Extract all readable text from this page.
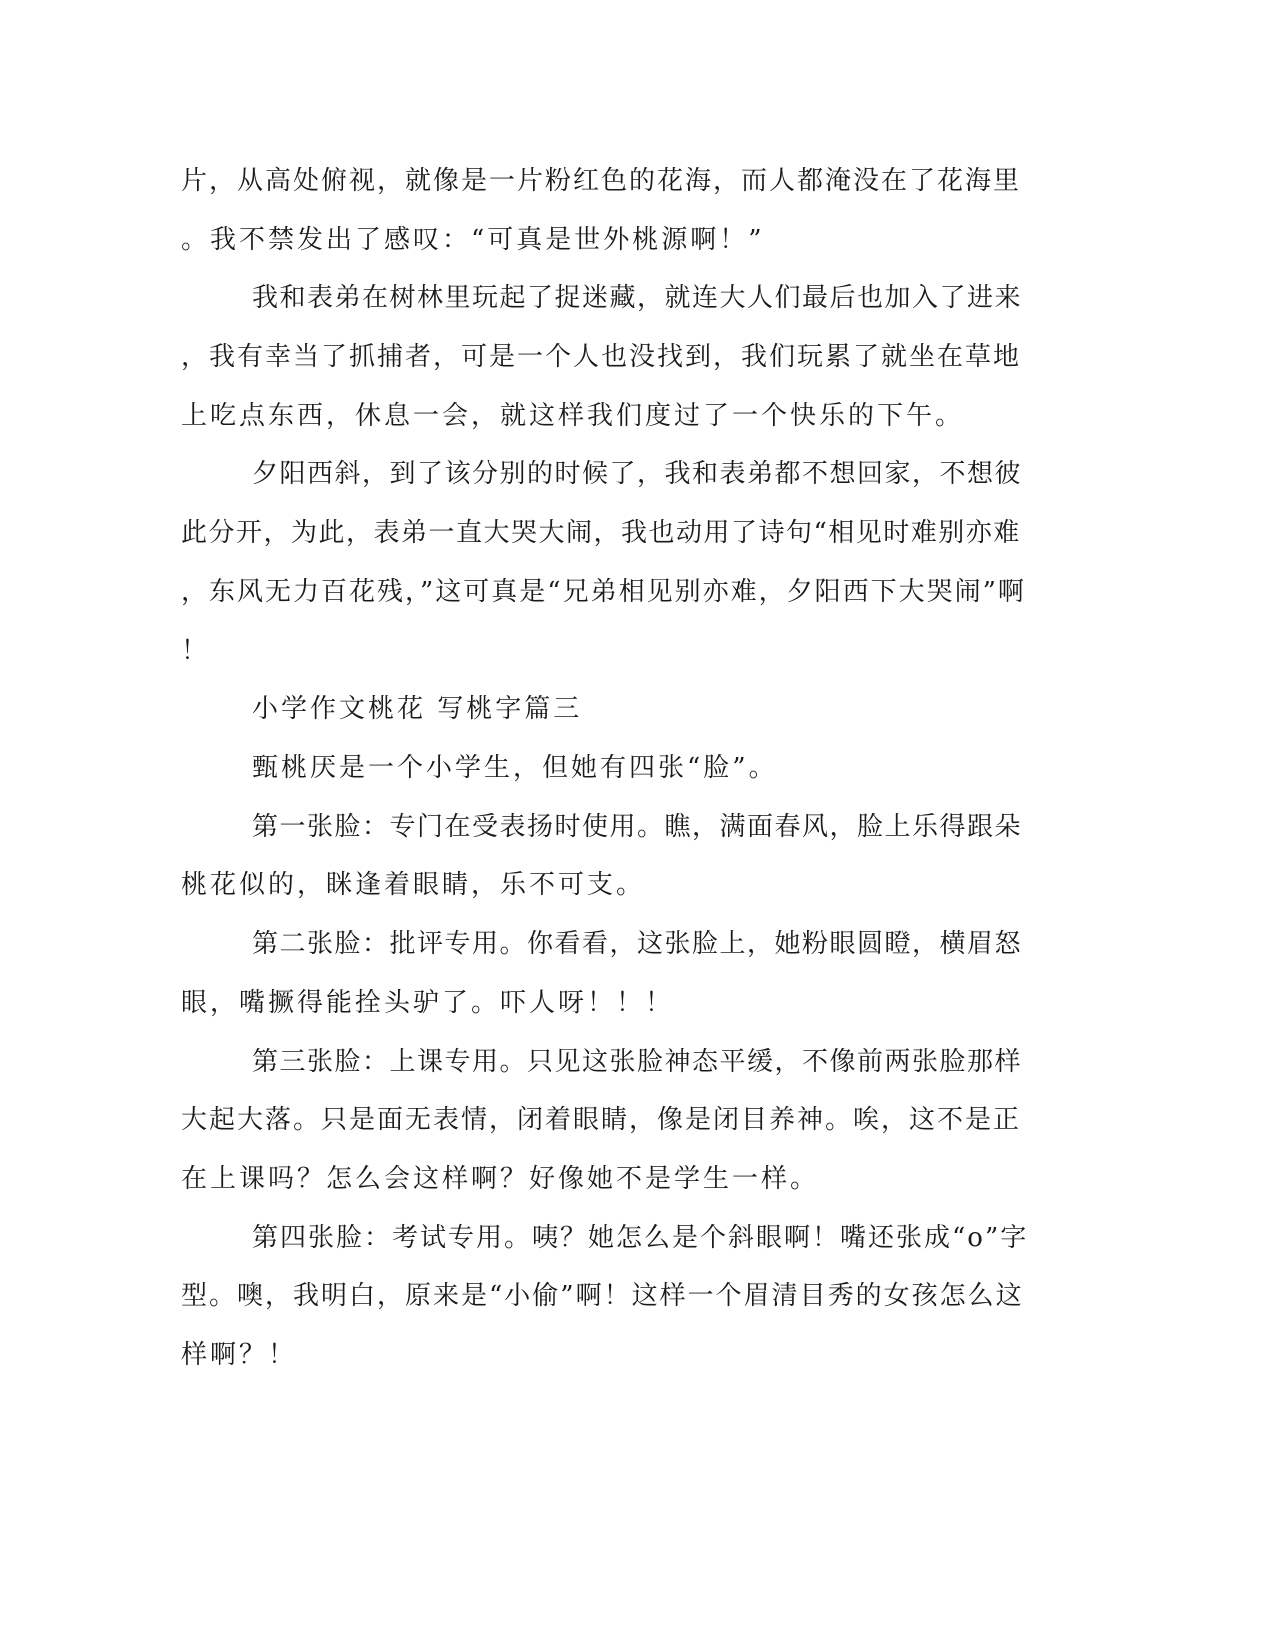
片，从高处俯视，就像是一片粉红色的花海，而人都淹没在了花海里

。我不禁发出了感叹：“可真是世外桃源啊！”

我和表弟在树林里玩起了捉迷藏，就连大人们最后也加入了进来

，我有幸当了抓捕者，可是一个人也没找到，我们玩累了就坐在草地

上吃点东西，休息一会，就这样我们度过了一个快乐的下午。

夕阳西斜，到了该分别的时候了，我和表弟都不想回家，不想彼

此分开，为此，表弟一直大哭大闹，我也动用了诗句“相见时难别亦难

，东风无力百花残，”这可真是“兄弟相见别亦难，夕阳西下大哭闹”啊

！

小学作文桃花 写桃字篇三

甄桃厌是一个小学生，但她有四张“脸”。

第一张脸：专门在受表扬时使用。瞧，满面春风，脸上乐得跟朵

桃花似的，眯逢着眼睛，乐不可支。

第二张脸：批评专用。你看看，这张脸上，她粉眼圆瞪，横眉怒

眼，嘴撅得能拴头驴了。吓人呀！！！

第三张脸：上课专用。只见这张脸神态平缓，不像前两张脸那样

大起大落。只是面无表情，闭着眼睛，像是闭目养神。唉，这不是正

在上课吗？怎么会这样啊？好像她不是学生一样。

第四张脸：考试专用。咦？她怎么是个斜眼啊！嘴还张成“o”字

型。噢，我明白，原来是“小偷”啊！这样一个眉清目秀的女孩怎么这

样啊？！
